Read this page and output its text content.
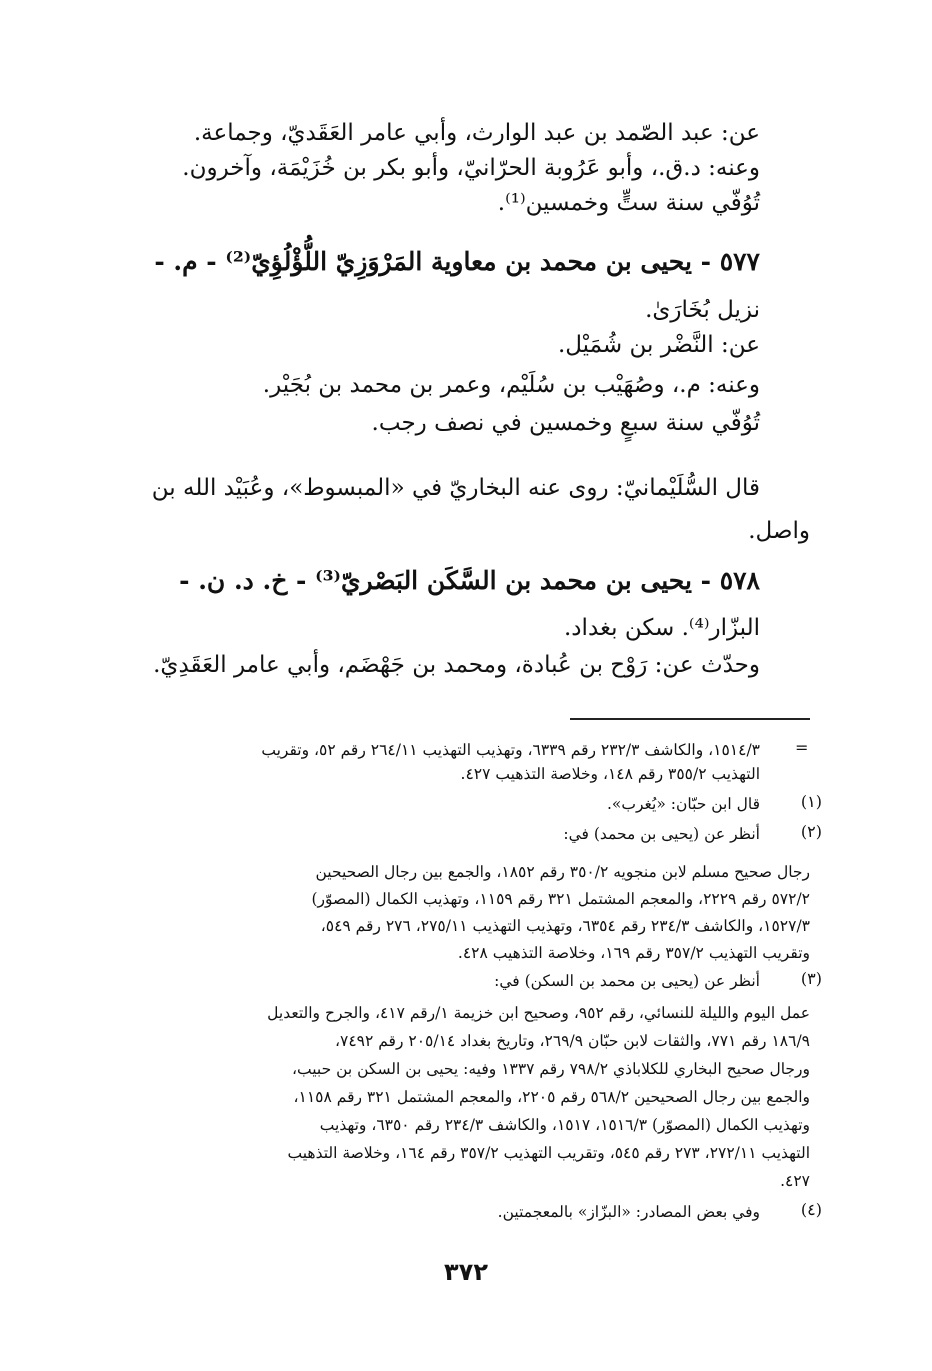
عن: عبد الصّمد بن عبد الوارث، وأبي عامر العَقَديّ، وجماعة.
وعنه: د.ق.، وأبو عَرُوبة الحرّانيّ، وأبو بكر بن خُزَيْمَة، وآخرون.
تُوُفّي سنة ستٍّ وخمسين⁽¹⁾.
٥٧٧ - يحيى بن محمد بن معاوية المَرْوَزِيّ اللُّؤْلُؤِيّ⁽²⁾ - م. -
نزيل بُخَارَىٰ.
عن: النَّضْر بن شُمَيْل.
وعنه: م.، وصُهَيْب بن سُلَيْم، وعمر بن محمد بن بُجَيْر.
تُوُفّي سنة سبعٍ وخمسين في نصف رجب.
قال السُّلَيْمانيّ: روى عنه البخاريّ في «المبسوط»، وعُبَيْد الله بن
واصل.
٥٧٨ - يحيى بن محمد بن السَّكَن البَصْريّ⁽³⁾ - خ. د. ن. -
البزّار⁽⁴⁾. سكن بغداد.
وحدّث عن: رَوْح بن عُبادة، ومحمد بن جَهْضَم، وأبي عامر العَقَدِيّ.
=
١٥١٤/٣، والكاشف ٢٣٢/٣ رقم ٦٣٣٩، وتهذيب التهذيب ٢٦٤/١١ رقم ٥٢، وتقريب
التهذيب ٣٥٥/٢ رقم ١٤٨، وخلاصة التذهيب ٤٢٧.
(١)
قال ابن حبّان: «يُغرب».
(٢)
أنظر عن (يحيى بن محمد) في:
رجال صحيح مسلم لابن منجويه ٣٥٠/٢ رقم ١٨٥٢، والجمع بين رجال الصحيحين
٥٧٢/٢ رقم ٢٢٢٩، والمعجم المشتمل ٣٢١ رقم ١١٥٩، وتهذيب الكمال (المصوّر)
١٥٢٧/٣، والكاشف ٢٣٤/٣ رقم ٦٣٥٤، وتهذيب التهذيب ٢٧٥/١١، ٢٧٦ رقم ٥٤٩،
وتقريب التهذيب ٣٥٧/٢ رقم ١٦٩، وخلاصة التذهيب ٤٢٨.
(٣)
أنظر عن (يحيى بن محمد بن السكن) في:
عمل اليوم والليلة للنسائي، رقم ٩٥٢، وصحيح ابن خزيمة ١/رقم ٤١٧، والجرح والتعديل
١٨٦/٩ رقم ٧٧١، والثقات لابن حبّان ٢٦٩/٩، وتاريخ بغداد ٢٠٥/١٤ رقم ٧٤٩٢،
ورجال صحيح البخاري للكلاباذي ٧٩٨/٢ رقم ١٣٣٧ وفيه: يحيى بن السكن بن حبيب،
والجمع بين رجال الصحيحين ٥٦٨/٢ رقم ٢٢٠٥، والمعجم المشتمل ٣٢١ رقم ١١٥٨،
وتهذيب الكمال (المصوّر) ١٥١٦/٣، ١٥١٧، والكاشف ٢٣٤/٣ رقم ٦٣٥٠، وتهذيب
التهذيب ٢٧٢/١١، ٢٧٣ رقم ٥٤٥، وتقريب التهذيب ٣٥٧/٢ رقم ١٦٤، وخلاصة التذهيب
٤٢٧.
(٤)
وفي بعض المصادر: «البزّاز» بالمعجمتين.
٣٧٢
